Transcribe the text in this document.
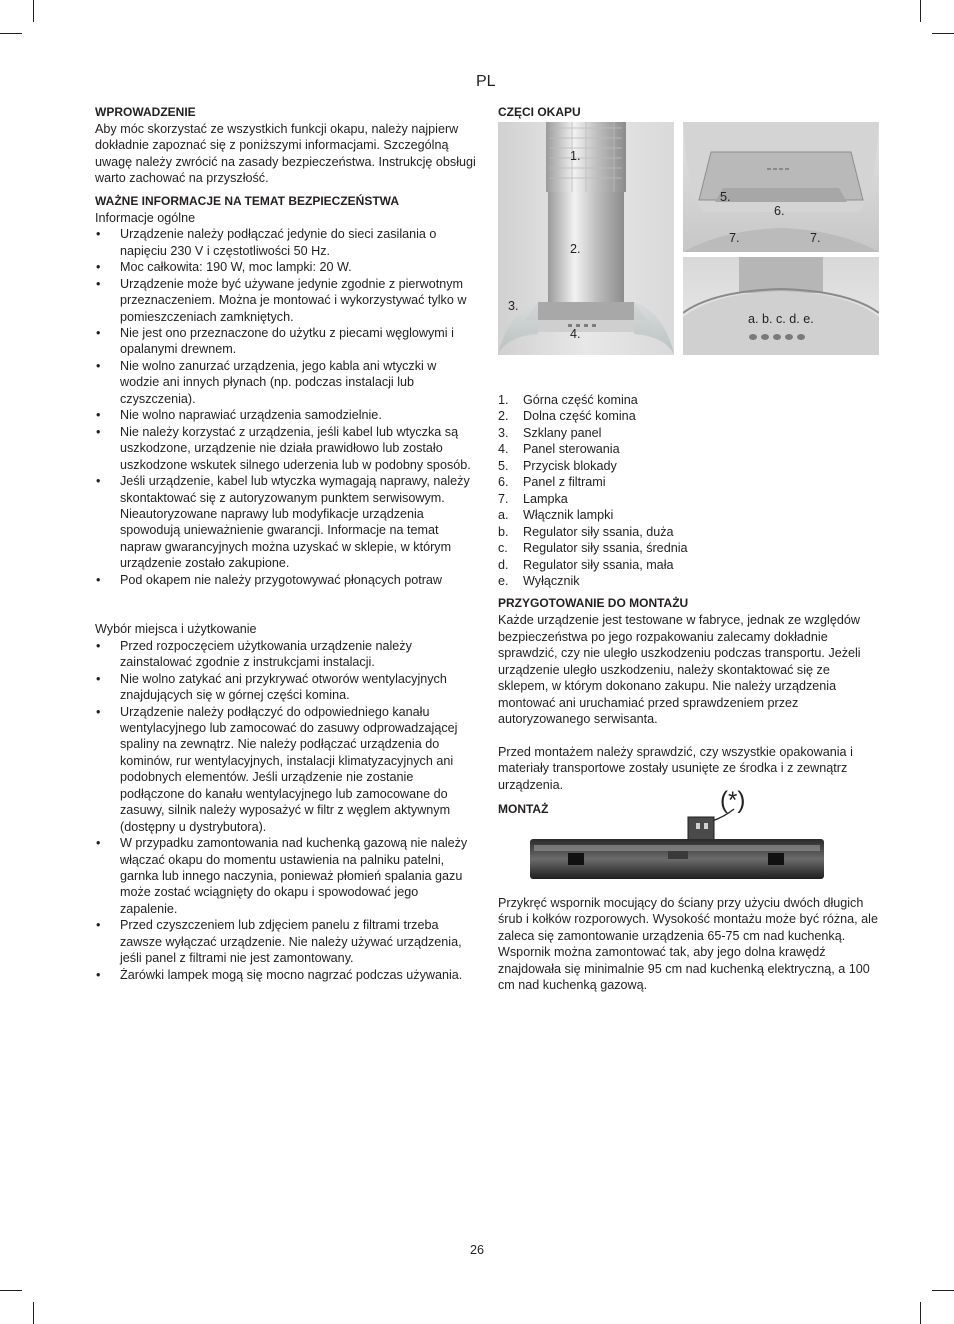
PL
WPROWADZENIE

Aby móc skorzystać ze wszystkich funkcji okapu, należy najpierw dokładnie zapoznać się z poniższymi informacjami. Szczególną uwagę należy zwrócić na zasady bezpieczeństwa. Instrukcję obsługi warto zachować na przyszłość.

WAŻNE INFORMACJE NA TEMAT BEZPIECZEŃSTWA

Informacje ogólne

• Urządzenie należy podłączać jedynie do sieci zasilania o napięciu 230 V i częstotliwości 50 Hz.
• Moc całkowita: 190 W, moc lampki: 20 W.
• Urządzenie może być używane jedynie zgodnie z pierwotnym przeznaczeniem. Można je montować i wykorzystywać tylko w pomieszczeniach zamkniętych.
• Nie jest ono przeznaczone do użytku z piecami węglowymi i opalanymi drewnem.
• Nie wolno zanurzać urządzenia, jego kabla ani wtyczki w wodzie ani innych płynach (np. podczas instalacji lub czyszczenia).
• Nie wolno naprawiać urządzenia samodzielnie.
• Nie należy korzystać z urządzenia, jeśli kabel lub wtyczka są uszkodzone, urządzenie nie działa prawidłowo lub zostało uszkodzone wskutek silnego uderzenia lub w podobny sposób.
• Jeśli urządzenie, kabel lub wtyczka wymagają naprawy, należy skontaktować się z autoryzowanym punktem serwisowym. Nieautoryzowane naprawy lub modyfikacje urządzenia spowodują unieważnienie gwarancji. Informacje na temat napraw gwarancyjnych można uzyskać w sklepie, w którym urządzenie zostało zakupione.
• Pod okapem nie należy przygotowywać płonących potraw

Wybór miejsca i użytkowanie

• Przed rozpoczęciem użytkowania urządzenie należy zainstalować zgodnie z instrukcjami instalacji.
• Nie wolno zatykać ani przykrywać otworów wentylacyjnych znajdujących się w górnej części komina.
• Urządzenie należy podłączyć do odpowiedniego kanału wentylacyjnego lub zamocować do zasuwy odprowadzającej spaliny na zewnątrz. Nie należy podłączać urządzenia do kominów, rur wentylacyjnych, instalacji klimatyzacyjnych ani podobnych elementów. Jeśli urządzenie nie zostanie podłączone do kanału wentylacyjnego lub zamocowane do zasuwy, silnik należy wyposażyć w filtr z węglem aktywnym (dostępny u dystrybutora).
• W przypadku zamontowania nad kuchenką gazową nie należy włączać okapu do momentu ustawienia na palniku patelni, garnka lub innego naczynia, ponieważ płomień spalania gazu może zostać wciągnięty do okapu i spowodować jego zapalenie.
• Przed czyszczeniem lub zdjęciem panelu z filtrami trzeba zawsze wyłączać urządzenie. Nie należy używać urządzenia, jeśli panel z filtrami nie jest zamontowany.
• Żarówki lampek mogą się mocno nagrzać podczas używania.
CZĘCI OKAPU
1.
2.
3.
4.
5.
6.
7.	7.
a. b. c. d. e.
1. Górna część komina
2. Dolna część komina
3. Szklany panel
4. Panel sterowania
5. Przycisk blokady
6. Panel z filtrami
7. Lampka
a. Włącznik lampki
b. Regulator siły ssania, duża
c. Regulator siły ssania, średnia
d. Regulator siły ssania, mała
e. Wyłącznik
PRZYGOTOWANIE DO MONTAŻU

Każde urządzenie jest testowane w fabryce, jednak ze względów bezpieczeństwa po jego rozpakowaniu zalecamy dokładnie sprawdzić, czy nie uległo uszkodzeniu podczas transportu. Jeżeli urządzenie uległo uszkodzeniu, należy skontaktować się ze sklepem, w którym dokonano zakupu. Nie należy urządzenia montować ani uruchamiać przed sprawdzeniem przez autoryzowanego serwisanta.

Przed montażem należy sprawdzić, czy wszystkie opakowania i materiały transportowe zostały usunięte ze środka i z zewnątrz urządzenia.

MONTAŻ	(*)

Przykręć wspornik mocujący do ściany przy użyciu dwóch długich śrub i kołków rozporowych. Wysokość montażu może być różna, ale zaleca się zamontowanie urządzenia 65-75 cm nad kuchenką. Wspornik można zamontować tak, aby jego dolna krawędź znajdowała się minimalnie 95 cm nad kuchenką elektryczną, a 100 cm nad kuchenką gazową.

26
